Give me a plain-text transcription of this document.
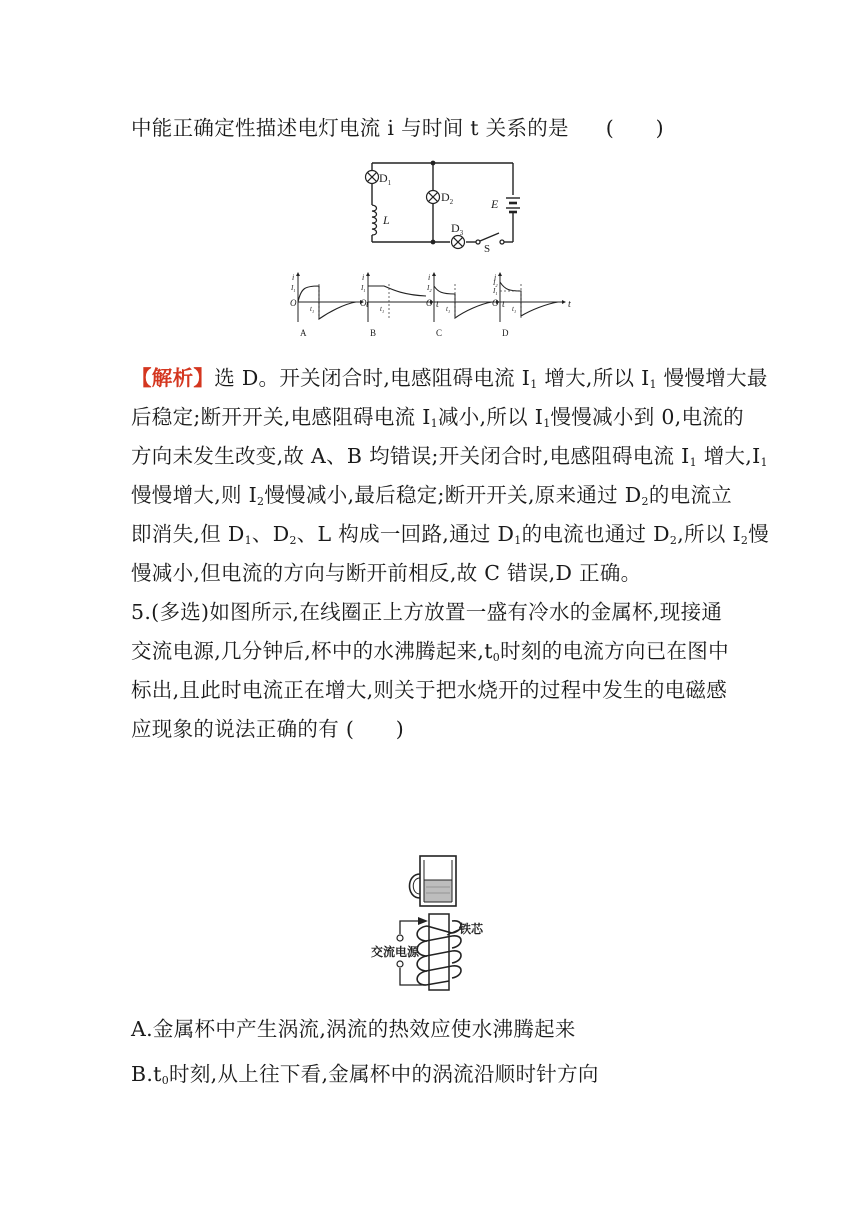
中能正确定性描述电灯电流 i 与时间 t 关系的是 (　　)
$D_1$
$D_2$
$D_3$
L
E
S
i
O	t
$t_1$
$I_1$
A
i
O	t
$t_1$
$I_1$
B
i
O	t
$t_1$
$I_2$
C
i
O	t
$t_1$
$I_2$
$I_1$
D
【解析】选 D。开关闭合时,电感阻碍电流 $I_1$ 增大,所以 $I_1$ 慢慢增大最
后稳定;断开开关,电感阻碍电流 $I_1$减小,所以 $I_1$慢慢减小到 0,电流的
方向未发生改变,故 A、B 均错误;开关闭合时,电感阻碍电流 $I_1$ 增大$,I_1$
慢慢增大,则 $I_2$慢慢减小,最后稳定;断开开关,原来通过 $D_2$的电流立
即消失,但 $D_1$、$D_2$、L 构成一回路,通过 $D_1$的电流也通过 $D_2$,所以 $I_2$慢
慢减小,但电流的方向与断开前相反,故 C 错误,D 正确。
5.(多选)如图所示,在线圈正上方放置一盛有冷水的金属杯,现接通
交流电源,几分钟后,杯中的水沸腾起来$,t_0$时刻的电流方向已在图中
标出,且此时电流正在增大,则关于把水烧开的过程中发生的电磁感
应现象的说法正确的有 (　　)
交流电源
铁芯
A.金属杯中产生涡流,涡流的热效应使水沸腾起来
$B.t_0$时刻,从上往下看,金属杯中的涡流沿顺时针方向
